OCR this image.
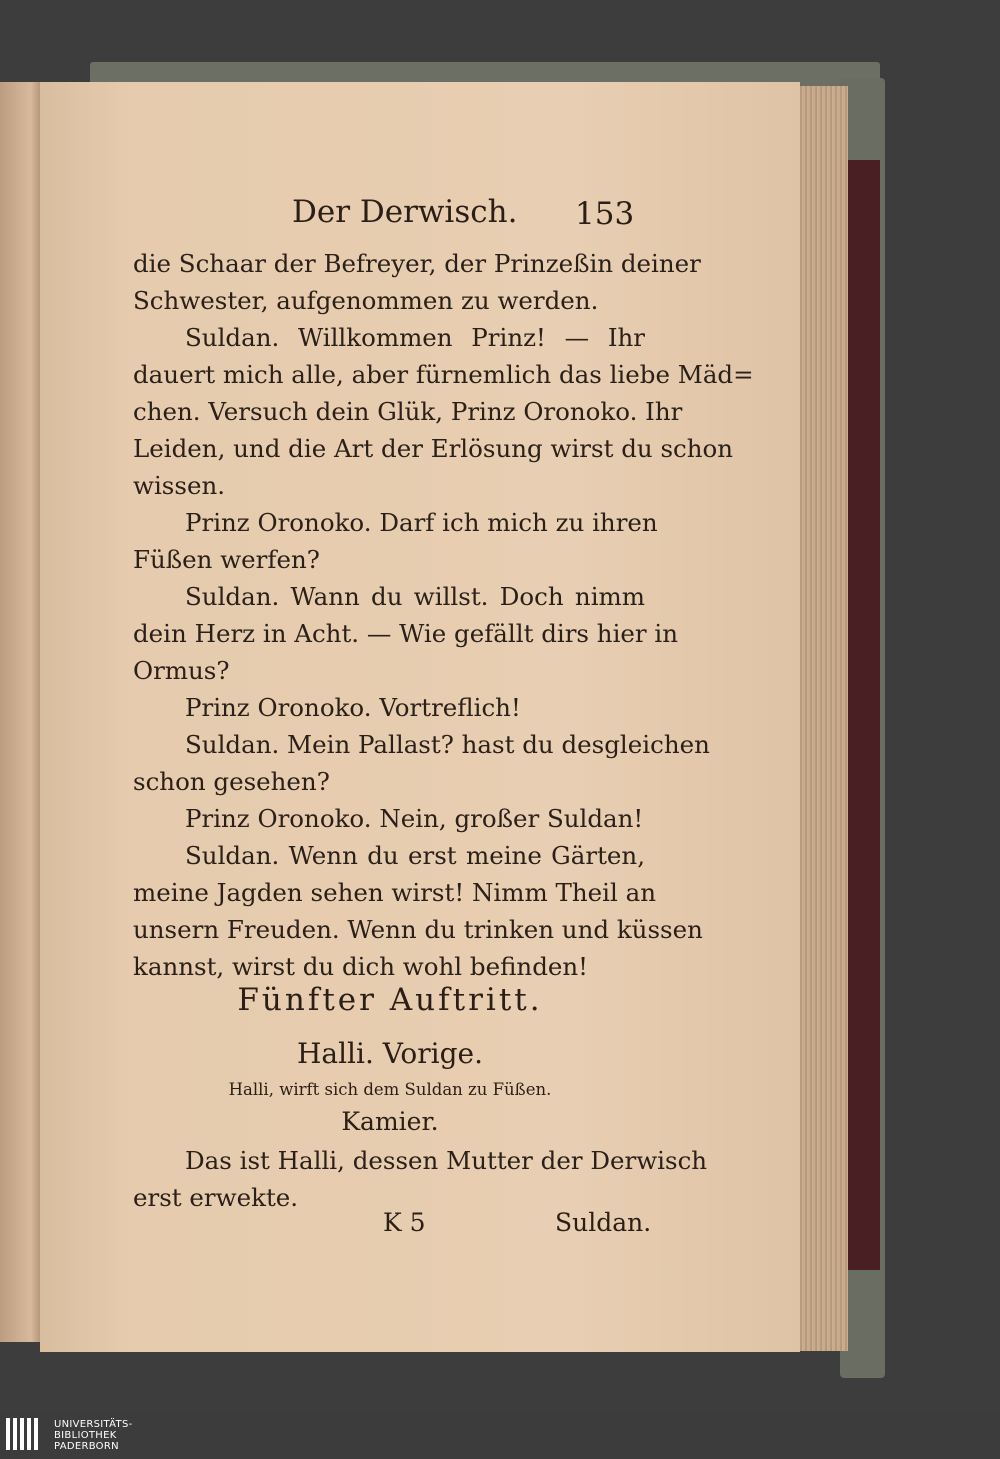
Der Derwisch. 153
die Schaar der Befreyer, der Prinzeßin deiner
Schwester, aufgenommen zu werden.
Suldan. Willkommen Prinz! — Ihr
dauert mich alle, aber fürnemlich das liebe Mäd=
chen. Versuch dein Glük, Prinz Oronoko. Ihr
Leiden, und die Art der Erlösung wirst du schon
wissen.
Prinz Oronoko. Darf ich mich zu ihren
Füßen werfen?
Suldan. Wann du willst. Doch nimm
dein Herz in Acht. — Wie gefällt dirs hier in
Ormus?
Prinz Oronoko. Vortreflich!
Suldan. Mein Pallast? hast du desgleichen
schon gesehen?
Prinz Oronoko. Nein, großer Suldan!
Suldan. Wenn du erst meine Gärten,
meine Jagden sehen wirst! Nimm Theil an
unsern Freuden. Wenn du trinken und küssen
kannst, wirst du dich wohl befinden!
Fünfter Auftritt.
Halli. Vorige.
Halli, wirft sich dem Suldan zu Füßen.
Kamier.
Das ist Halli, dessen Mutter der Derwisch
erst erwekte.
K 5	Suldan.
UNIVERSITÄTS-
BIBLIOTHEK
PADERBORN
